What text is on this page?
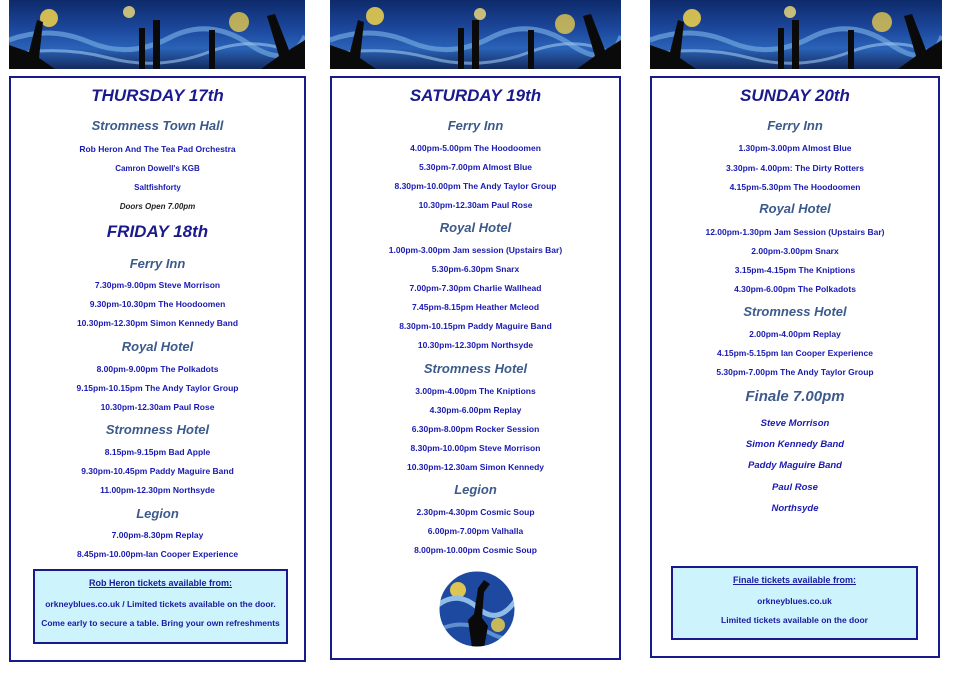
THURSDAY 17th
Stromness Town Hall
Rob Heron And The Tea Pad Orchestra
Camron Dowell's KGB
Saltfishforty
Doors Open 7.00pm
FRIDAY 18th
Ferry Inn
7.30pm-9.00pm Steve Morrison
9.30pm-10.30pm The Hoodoomen
10.30pm-12.30pm Simon Kennedy Band
Royal Hotel
8.00pm-9.00pm The Polkadots
9.15pm-10.15pm The Andy Taylor Group
10.30pm-12.30am Paul Rose
Stromness Hotel
8.15pm-9.15pm Bad Apple
9.30pm-10.45pm Paddy Maguire Band
11.00pm-12.30pm Northsyde
Legion
7.00pm-8.30pm Replay
8.45pm-10.00pm-Ian Cooper Experience
Rob Heron tickets available from:
orkneyblues.co.uk / Limited tickets available on the door.
Come early to secure a table. Bring your own refreshments
SATURDAY 19th
Ferry Inn
4.00pm-5.00pm The Hoodoomen
5.30pm-7.00pm Almost Blue
8.30pm-10.00pm The Andy Taylor Group
10.30pm-12.30am Paul Rose
Royal Hotel
1.00pm-3.00pm Jam session (Upstairs Bar)
5.30pm-6.30pm Snarx
7.00pm-7.30pm Charlie Wallhead
7.45pm-8.15pm Heather Mcleod
8.30pm-10.15pm Paddy Maguire Band
10.30pm-12.30pm Northsyde
Stromness Hotel
3.00pm-4.00pm The Kniptions
4.30pm-6.00pm Replay
6.30pm-8.00pm Rocker Session
8.30pm-10.00pm Steve Morrison
10.30pm-12.30am Simon Kennedy
Legion
2.30pm-4.30pm Cosmic Soup
6.00pm-7.00pm Valhalla
8.00pm-10.00pm Cosmic Soup
SUNDAY 20th
Ferry Inn
1.30pm-3.00pm Almost Blue
3.30pm- 4.00pm: The Dirty Rotters
4.15pm-5.30pm The Hoodoomen
Royal Hotel
12.00pm-1.30pm Jam Session (Upstairs Bar)
2.00pm-3.00pm Snarx
3.15pm-4.15pm The Kniptions
4.30pm-6.00pm The Polkadots
Stromness Hotel
2.00pm-4.00pm Replay
4.15pm-5.15pm Ian Cooper Experience
5.30pm-7.00pm The Andy Taylor Group
Finale 7.00pm
Steve Morrison
Simon Kennedy Band
Paddy Maguire Band
Paul Rose
Northsyde
Finale tickets available from:
orkneyblues.co.uk
Limited tickets available on the door
